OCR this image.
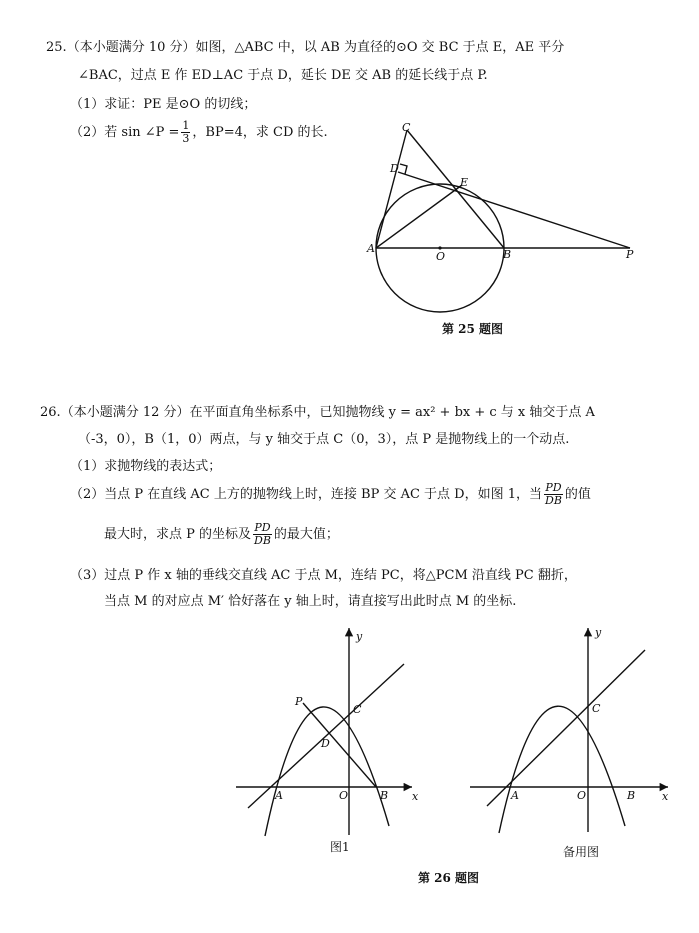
25.（本小题满分 10 分）如图，△ABC 中，以 AB 为直径的⊙O 交 BC 于点 E，AE 平分
∠BAC，过点 E 作 ED⊥AC 于点 D，延长 DE 交 AB 的延长线于点 P.
（1）求证：PE 是⊙O 的切线；
（2）若 sin ∠P = $\frac{1}{3}$ ，BP=4，求 CD 的长.	C
D
E
A
O	B	P
第 25 题图
26.（本小题满分 12 分）在平面直角坐标系中，已知抛物线 y = ax² + bx + c 与 x 轴交于点 A
（-3，0），B（1，0）两点，与 y 轴交于点 C（0，3），点 P 是抛物线上的一个动点.
（1）求抛物线的表达式；
（2）当点 P 在直线 AC 上方的抛物线上时，连接 BP 交 AC 于点 D，如图 1，当 $\frac{PD}{DB}$ 的值
最大时，求点 P 的坐标及 $\frac{PD}{DB}$ 的最大值；
（3）过点 P 作 x 轴的垂线交直线 AC 于点 M，连结 PC，将△PCM 沿直线 PC 翻折，
当点 M 的对应点 M′ 恰好落在 y 轴上时，请直接写出此时点 M 的坐标.
y
x
P
C
D
A	O	B
图1
y
x
C
A	O	B
备用图
第 26 题图
